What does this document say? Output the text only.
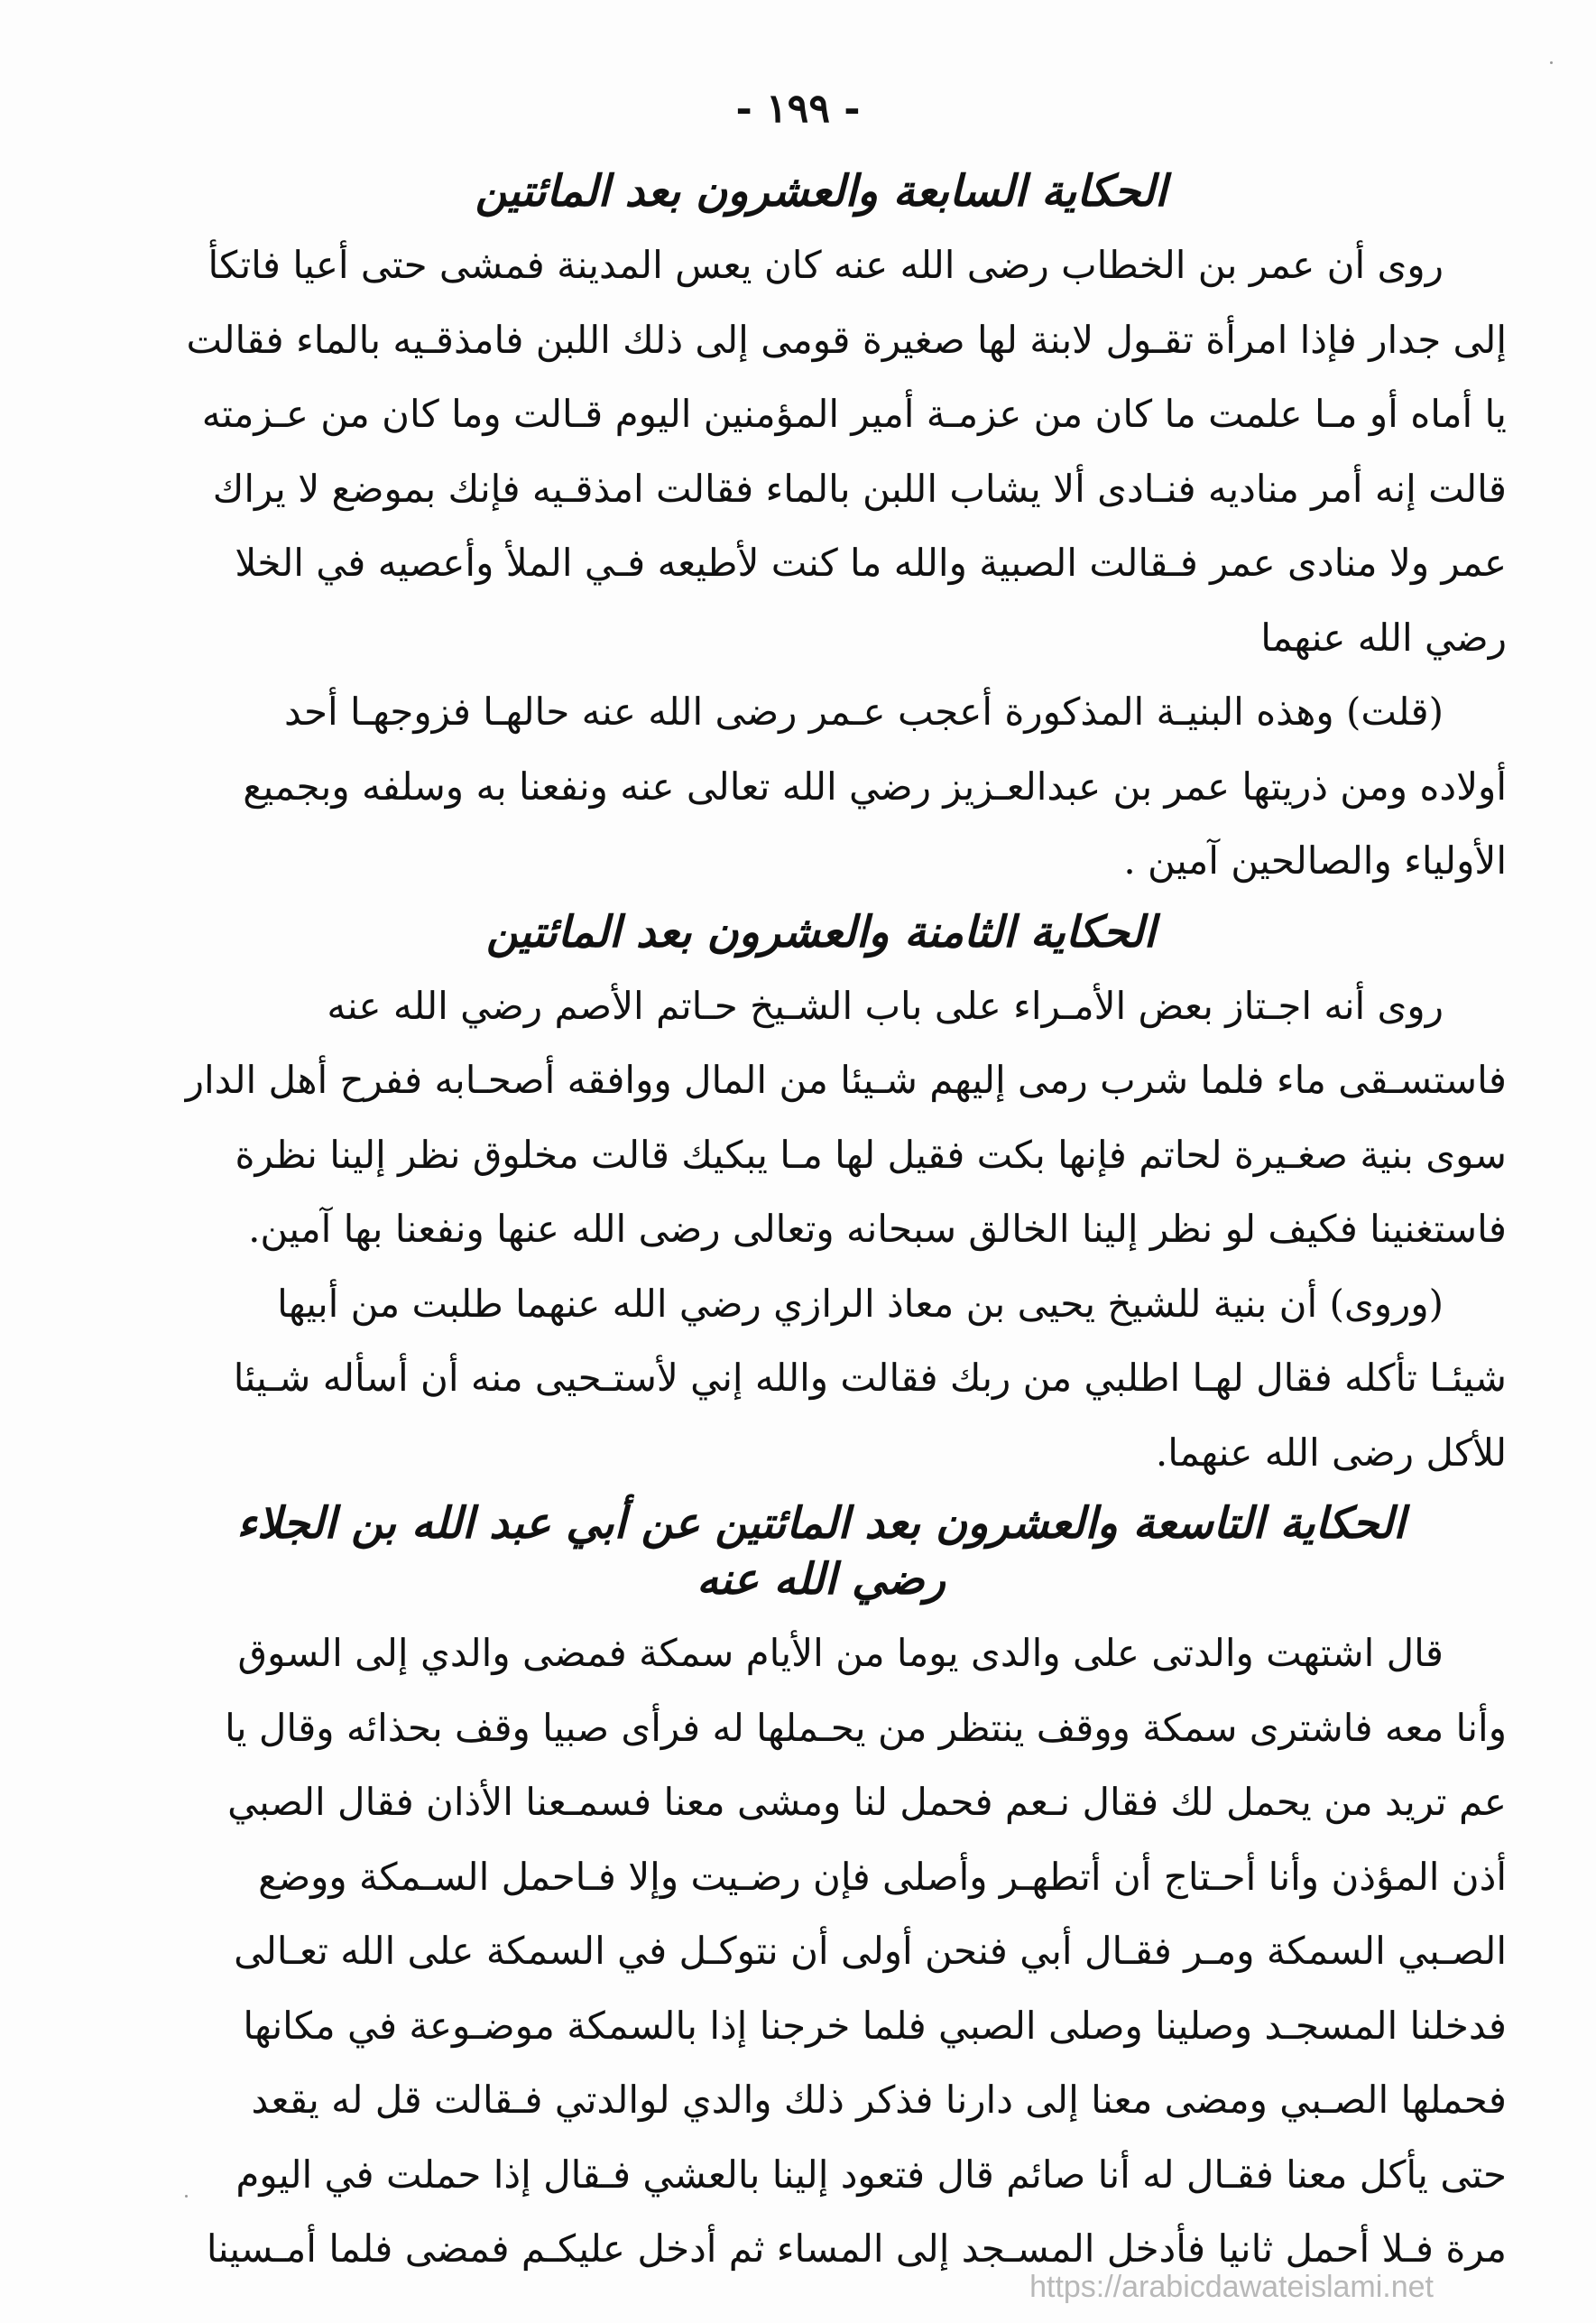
- ١٩٩ -
الحكاية السابعة والعشرون بعد المائتين

روى أن عمر بن الخطاب رضى الله عنه كان يعس المدينة فمشى حتى أعيا فاتكأ
إلى جدار فإذا امرأة تقـول لابنة لها صغيرة قومى إلى ذلك اللبن فامذقـيه بالماء فقالت
يا أماه أو مـا علمت ما كان من عزمـة أمير المؤمنين اليوم قـالت وما كان من عـزمته
قالت إنه أمر مناديه فنـادى ألا يشاب اللبن بالماء فقالت امذقـيه فإنك بموضع لا يراك
عمر ولا منادى عمر فـقالت الصبية والله ما كنت لأطيعه فـي الملأ وأعصيه في الخلا
رضي الله عنهما

(قلت) وهذه البنيـة المذكورة أعجب عـمر رضى الله عنه حالهـا فزوجهـا أحد
أولاده ومن ذريتها عمر بن عبدالعـزيز رضي الله تعالى عنه ونفعنا به وسلفه وبجميع
الأولياء والصالحين آمين .

الحكاية الثامنة والعشرون بعد المائتين

روى أنه اجـتاز بعض الأمـراء على باب الشـيخ حـاتم الأصم رضي الله عنه
فاستسـقى ماء فلما شرب رمى إليهم شـيئا من المال ووافقه أصحـابه ففرح أهل الدار
سوى بنية صغـيرة لحاتم فإنها بكت فقيل لها مـا يبكيك قالت مخلوق نظر إلينا نظرة
فاستغنينا فكيف لو نظر إلينا الخالق سبحانه وتعالى رضى الله عنها ونفعنا بها آمين.

(وروى) أن بنية للشيخ يحيى بن معاذ الرازي رضي الله عنهما طلبت من أبيها
شيئـا تأكله فقال لهـا اطلبي من ربك فقالت والله إني لأستـحيى منه أن أسأله شـيئا
للأكل رضى الله عنهما.

الحكاية التاسعة والعشرون بعد المائتين عن أبي عبد الله بن الجلاء
رضي الله عنه

قال اشتهت والدتى على والدى يوما من الأيام سمكة فمضى والدي إلى السوق
وأنا معه فاشترى سمكة ووقف ينتظر من يحـملها له فرأى صبيا وقف بحذائه وقال يا
عم تريد من يحمل لك فقال نـعم فحمل لنا ومشى معنا فسمـعنا الأذان فقال الصبي
أذن المؤذن وأنا أحـتاج أن أتطهـر وأصلى فإن رضـيت وإلا فـاحمل السـمكة ووضع
الصـبي السمكة ومـر فقـال أبي فنحن أولى أن نتوكـل في السمكة على الله تعـالى
فدخلنا المسجـد وصلينا وصلى الصبي فلما خرجنا إذا بالسمكة موضـوعة في مكانها
فحملها الصـبي ومضى معنا إلى دارنا فذكر ذلك والدي لوالدتي فـقالت قل له يقعد
حتى يأكل معنا فقـال له أنا صائم قال فتعود إلينا بالعشي فـقال إذا حملت في اليوم
مرة فـلا أحمل ثانيا فأدخل المسـجد إلى المساء ثم أدخل عليكـم فمضى فلما أمـسينا

https://arabicdawateislami.net
